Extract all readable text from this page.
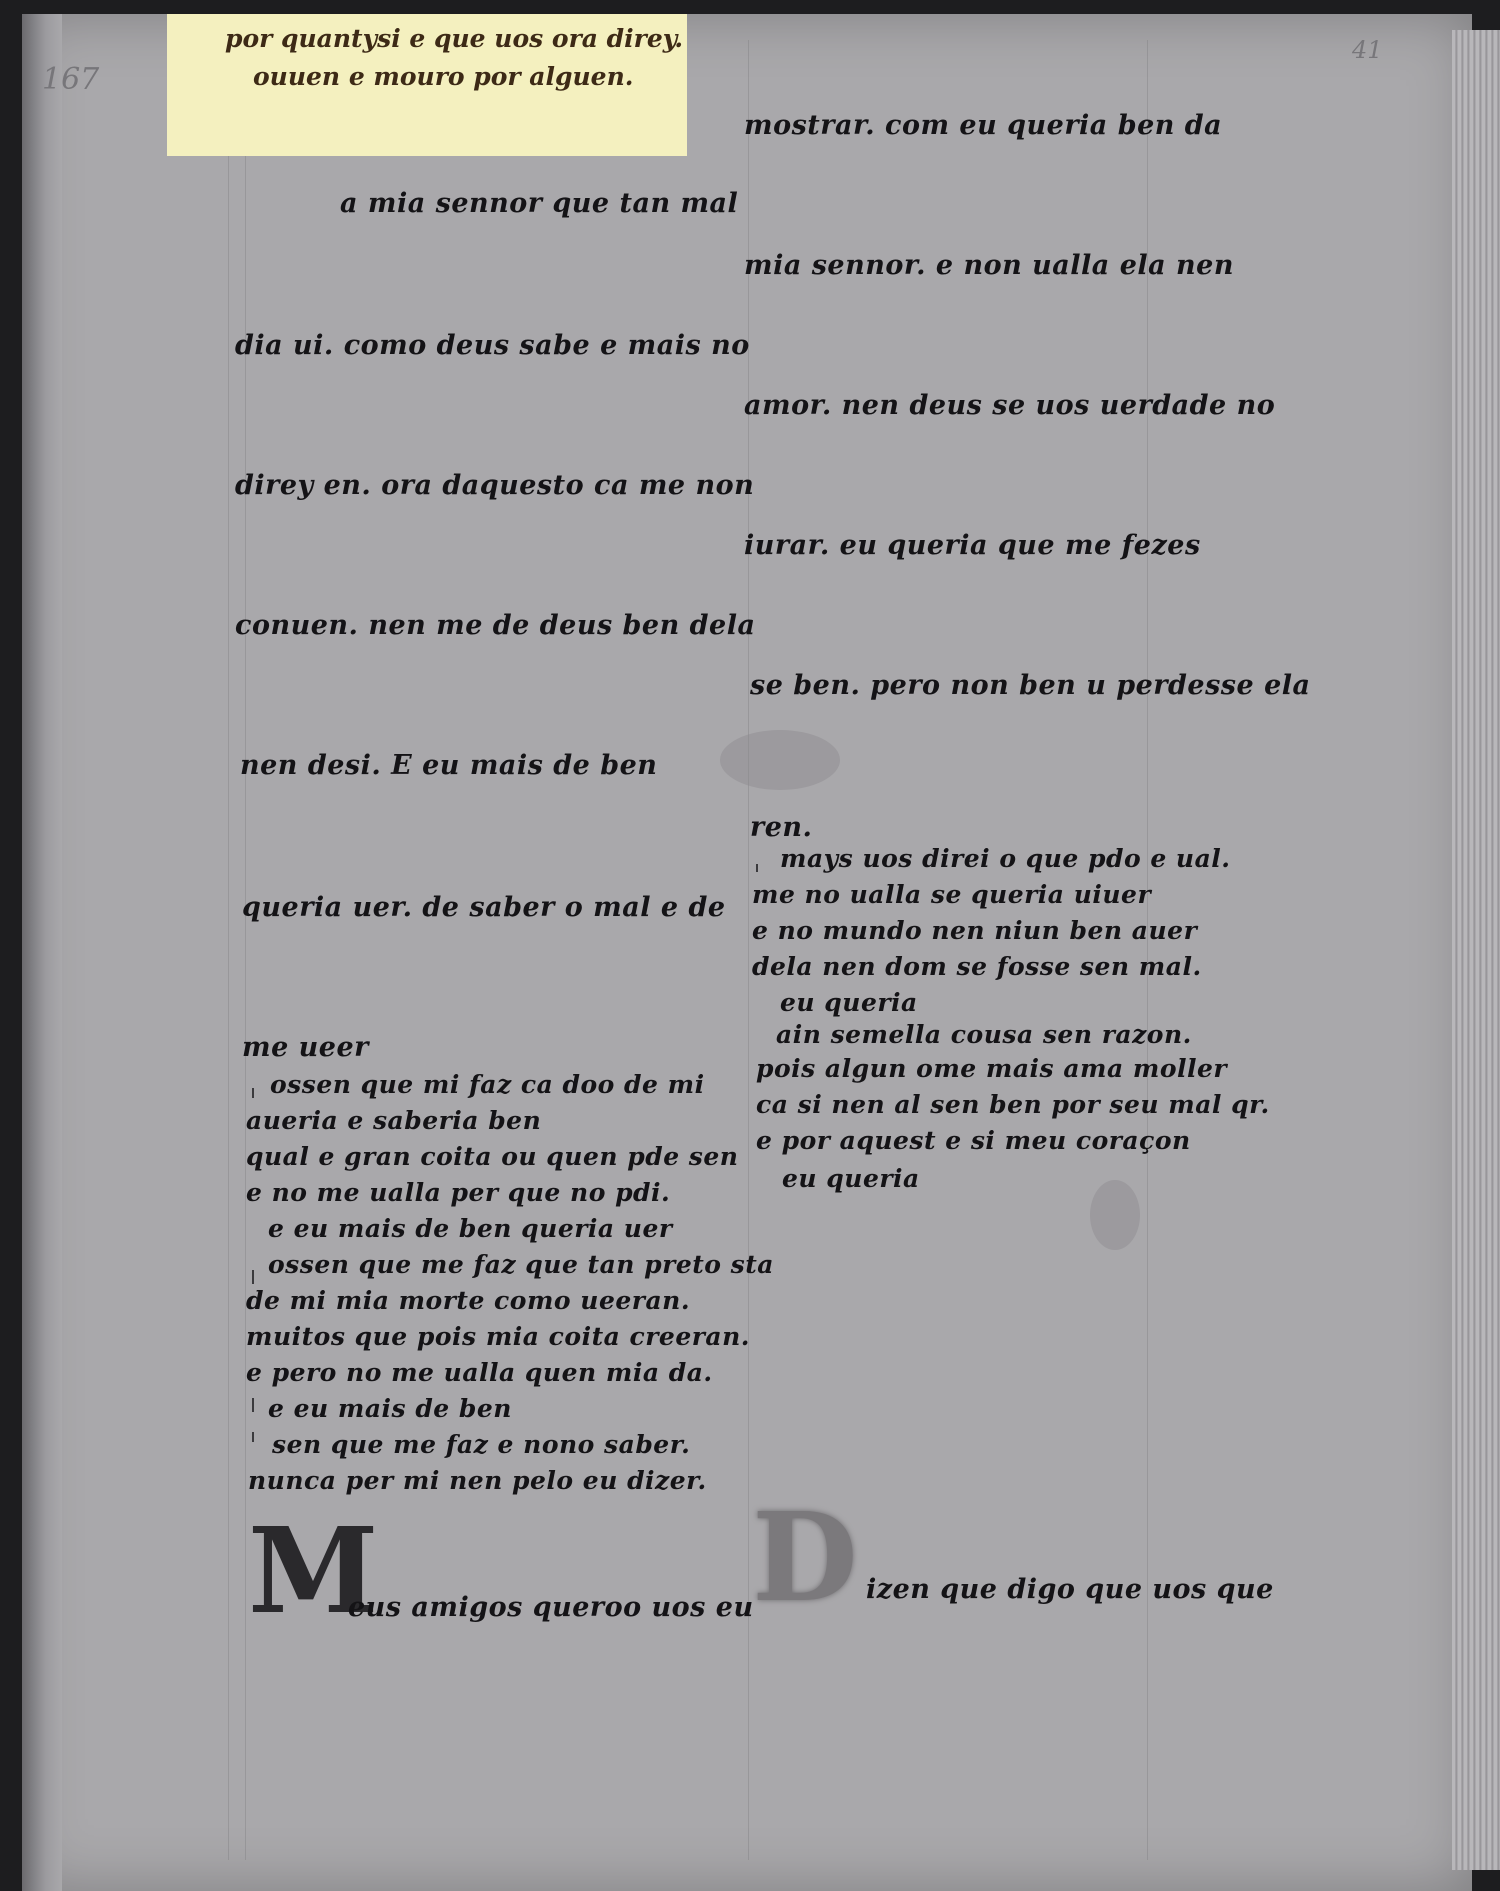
por quantysi e que uos ora direy.
ouuen e mouro por alguen.
167
41
a mia sennor que tan mal
dia ui. como deus sabe e mais no
direy en. ora daquesto ca me non
conuen. nen me de deus ben dela
nen desi. E eu mais de ben
queria uer. de saber o mal e de
me ueer
ossen que mi faz ca doo de mi
aueria e saberia ben
qual e gran coita ou quen pde sen
e no me ualla per que no pdi.
e eu mais de ben queria uer
ossen que me faz que tan preto sta
de mi mia morte como ueeran.
muitos que pois mia coita creeran.
e pero no me ualla quen mia da.
e eu mais de ben
sen que me faz e nono saber.
nunca per mi nen pelo eu dizer.
M
eus amigos queroo uos eu
mostrar. com eu queria ben da
mia sennor. e non ualla ela nen
amor. nen deus se uos uerdade no
iurar. eu queria que me fezes
se ben. pero non ben u perdesse ela
ren.
mays uos direi o que pdo e ual.
me no ualla se queria uiuer
e no mundo nen niun ben auer
dela nen dom se fosse sen mal.
eu queria
ain semella cousa sen razon.
pois algun ome mais ama moller
ca si nen al sen ben por seu mal qr.
e por aquest e si meu coraçon
eu queria
D izen que digo que uos que
